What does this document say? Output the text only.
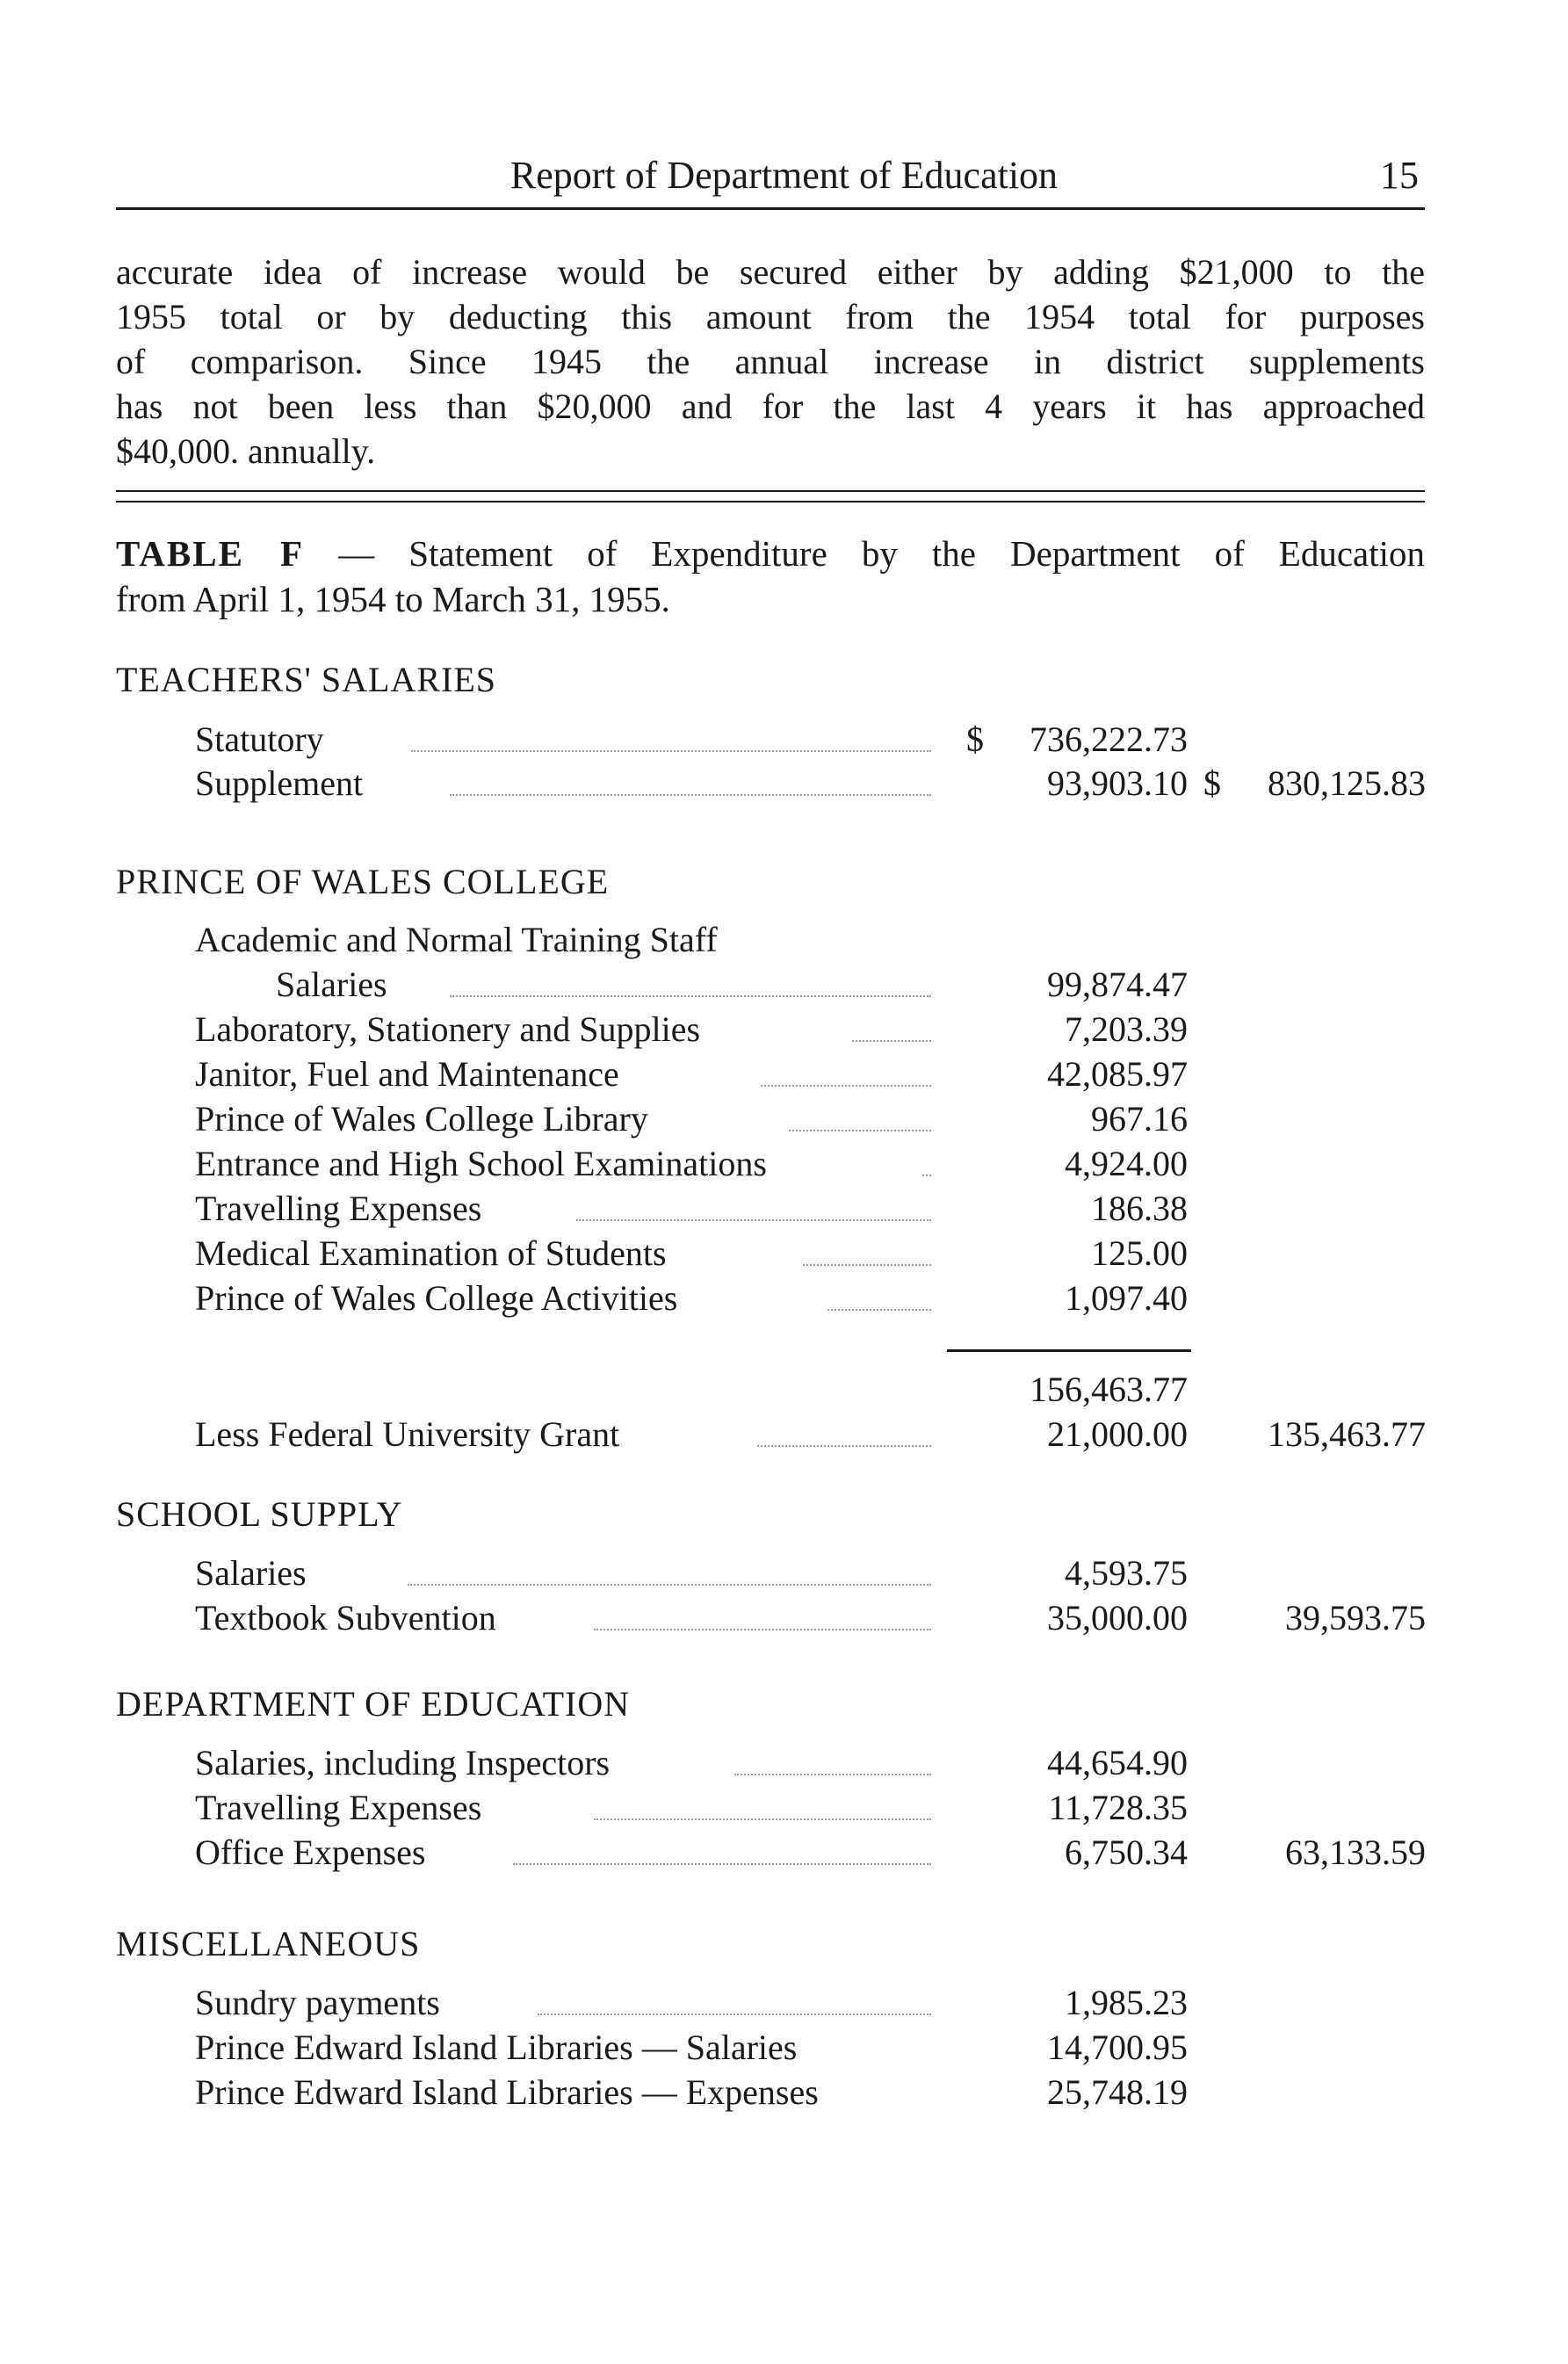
Report of Department of Education	15
accurate idea of increase would be secured either by adding $21,000 to the
1955 total or by deducting this amount from the 1954 total for purposes
of comparison. Since 1945 the annual increase in district supplements
has not been less than $20,000 and for the last 4 years it has approached
$40,000. annually.
TABLE F — Statement of Expenditure by the Department of Education
from April 1, 1954 to March 31, 1955.
TEACHERS' SALARIES
Statutory	$ 736,222.73
Supplement	93,903.10 $ 830,125.83
PRINCE OF WALES COLLEGE
Academic and Normal Training Staff
Salaries	99,874.47
Laboratory, Stationery and Supplies	7,203.39
Janitor, Fuel and Maintenance	42,085.97
Prince of Wales College Library	967.16
Entrance and High School Examinations	4,924.00
Travelling Expenses	186.38
Medical Examination of Students	125.00
Prince of Wales College Activities	1,097.40
156,463.77
Less Federal University Grant	21,000.00 135,463.77
SCHOOL SUPPLY
Salaries	4,593.75
Textbook Subvention	35,000.00	39,593.75
DEPARTMENT OF EDUCATION
Salaries, including Inspectors	44,654.90
Travelling Expenses	11,728.35
Office Expenses	6,750.34	63,133.59
MISCELLANEOUS
Sundry payments	1,985.23
Prince Edward Island Libraries — Salaries	14,700.95
Prince Edward Island Libraries — Expenses	25,748.19
